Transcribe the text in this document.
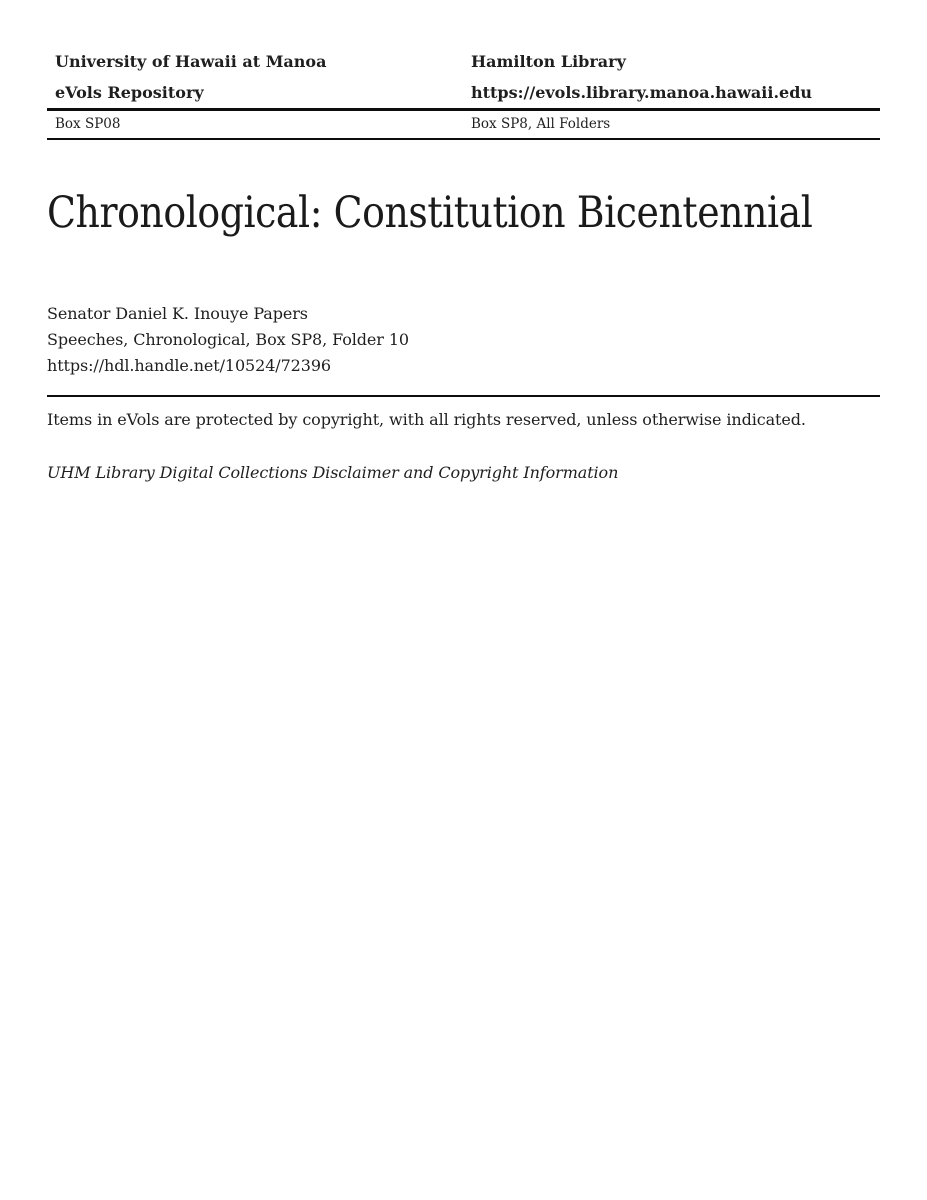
University of Hawaii at Manoa
eVols Repository
Hamilton Library
https://evols.library.manoa.hawaii.edu
Box SP08	Box SP8, All Folders
Chronological: Constitution Bicentennial
Senator Daniel K. Inouye Papers
Speeches, Chronological, Box SP8, Folder 10
https://hdl.handle.net/10524/72396

Items in eVols are protected by copyright, with all rights reserved, unless otherwise indicated.

UHM Library Digital Collections Disclaimer and Copyright Information
